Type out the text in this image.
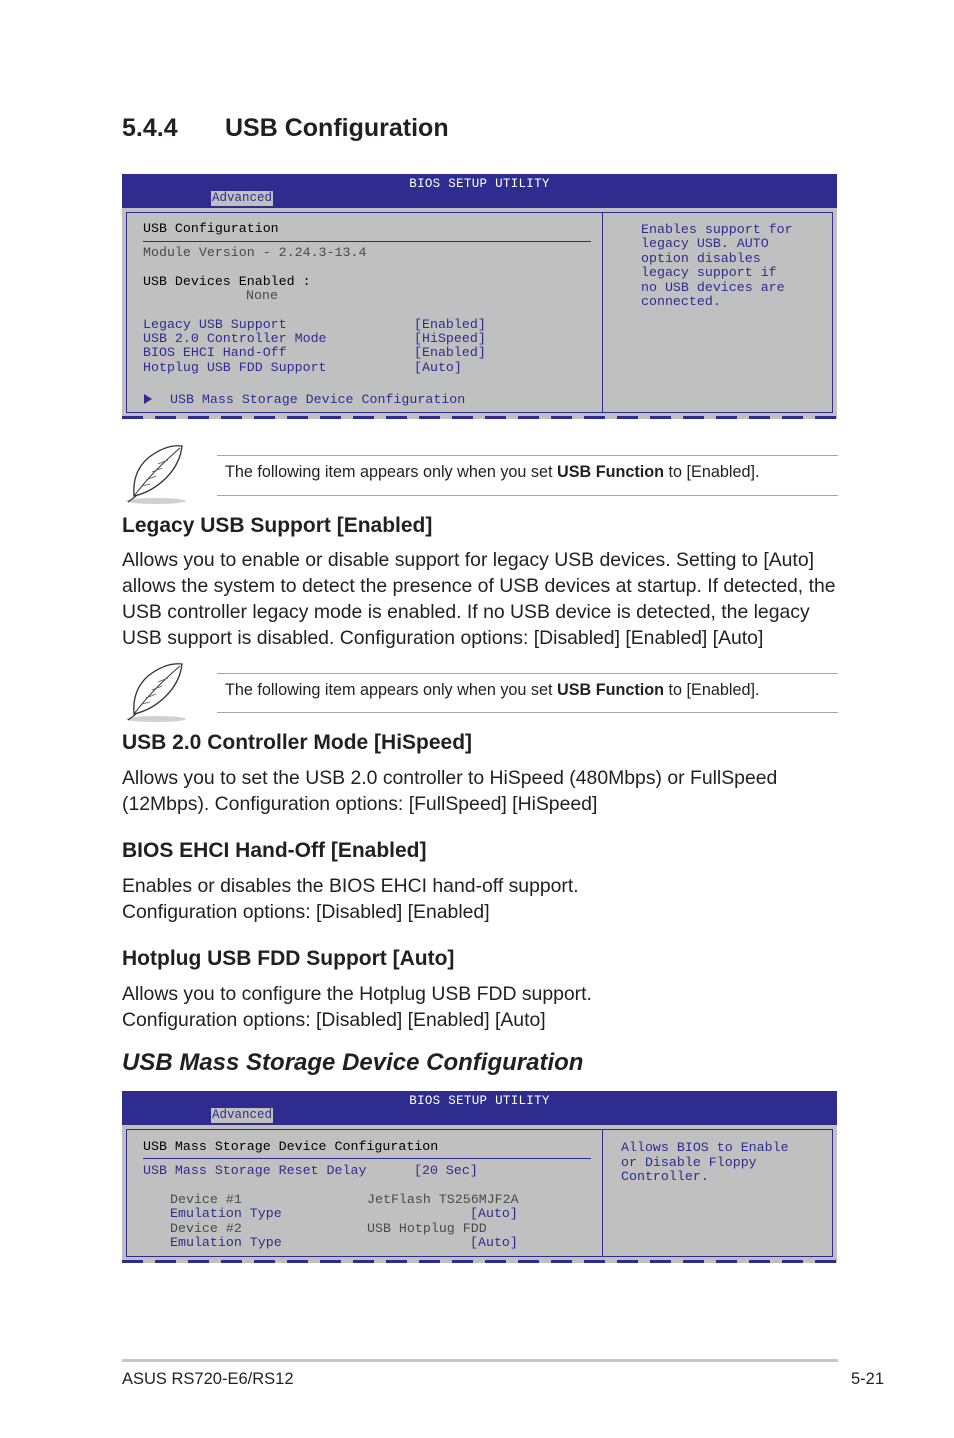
5.4.4 USB Configuration
BIOS SETUP UTILITY
Advanced
USB Configuration
Module Version - 2.24.3-13.4
USB Devices Enabled :
None
Legacy USB Support	[Enabled]
USB 2.0 Controller Mode	[HiSpeed]
BIOS EHCI Hand-Off	[Enabled]
Hotplug USB FDD Support	[Auto]
USB Mass Storage Device Configuration
Enables support for
legacy USB. AUTO
option disables
legacy support if
no USB devices are
connected.
The following item appears only when you set USB Function to [Enabled].
Legacy USB Support [Enabled]

Allows you to enable or disable support for legacy USB devices. Setting to [Auto]
allows the system to detect the presence of USB devices at startup. If detected, the
USB controller legacy mode is enabled. If no USB device is detected, the legacy
USB support is disabled. Configuration options: [Disabled] [Enabled] [Auto]

The following item appears only when you set USB Function to [Enabled].
USB 2.0 Controller Mode [HiSpeed]

Allows you to set the USB 2.0 controller to HiSpeed (480Mbps) or FullSpeed
(12Mbps). Configuration options: [FullSpeed] [HiSpeed]

BIOS EHCI Hand-Off [Enabled]

Enables or disables the BIOS EHCI hand-off support.
Configuration options: [Disabled] [Enabled]

Hotplug USB FDD Support [Auto]

Allows you to configure the Hotplug USB FDD support.
Configuration options: [Disabled] [Enabled] [Auto]

USB Mass Storage Device Configuration
BIOS SETUP UTILITY
Advanced
USB Mass Storage Device Configuration
USB Mass Storage Reset Delay	[20 Sec]
Device #1	JetFlash TS256MJF2A
Emulation Type	[Auto]
Device #2	USB Hotplug FDD
Emulation Type	[Auto]
Allows BIOS to Enable
or Disable Floppy
Controller.
ASUS RS720-E6/RS12	5-21
